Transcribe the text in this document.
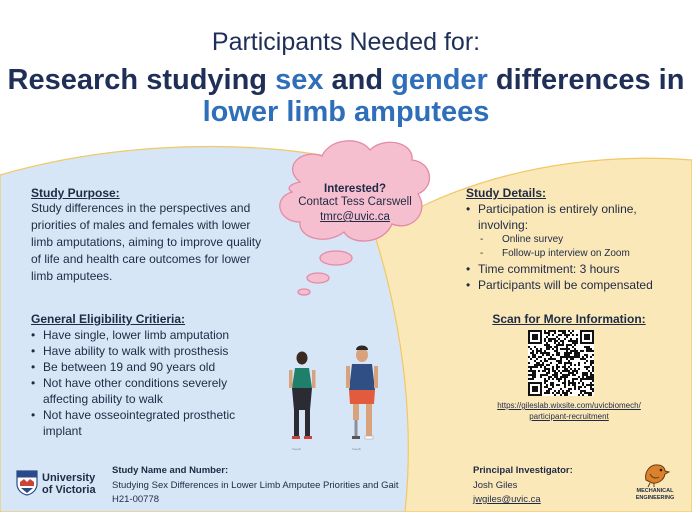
freepik	freepik
Participants Needed for:
Research studying sex and gender differences in
lower limb amputees
Study Purpose:
Study differences in the perspectives and priorities of males and females with lower limb amputations, aiming to improve quality of life and health care outcomes for lower limb amputees.
General Eligibility Critieria:
• Have single, lower limb amputation
• Have ability to walk with prosthesis
• Be between 19 and 90 years old
• Not have other conditions severely affecting ability to walk
• Not have osseointegrated prosthetic implant
Interested?
Contact Tess Carswell
tmrc@uvic.ca
Study Details:
• Participation is entirely online, involving:
- Online survey
- Follow-up interview on Zoom
• Time commitment: 3 hours
• Participants will be compensated
Scan for More Information:
https://gileslab.wixsite.com/uvicbiomech/
participant-recruitment
University
of Victoria
Study Name and Number:
Studying Sex Differences in Lower Limb Amputee Priorities and Gait
H21-00778
Principal Investigator:
Josh Giles
jwgiles@uvic.ca
MECHANICAL
ENGINEERING
